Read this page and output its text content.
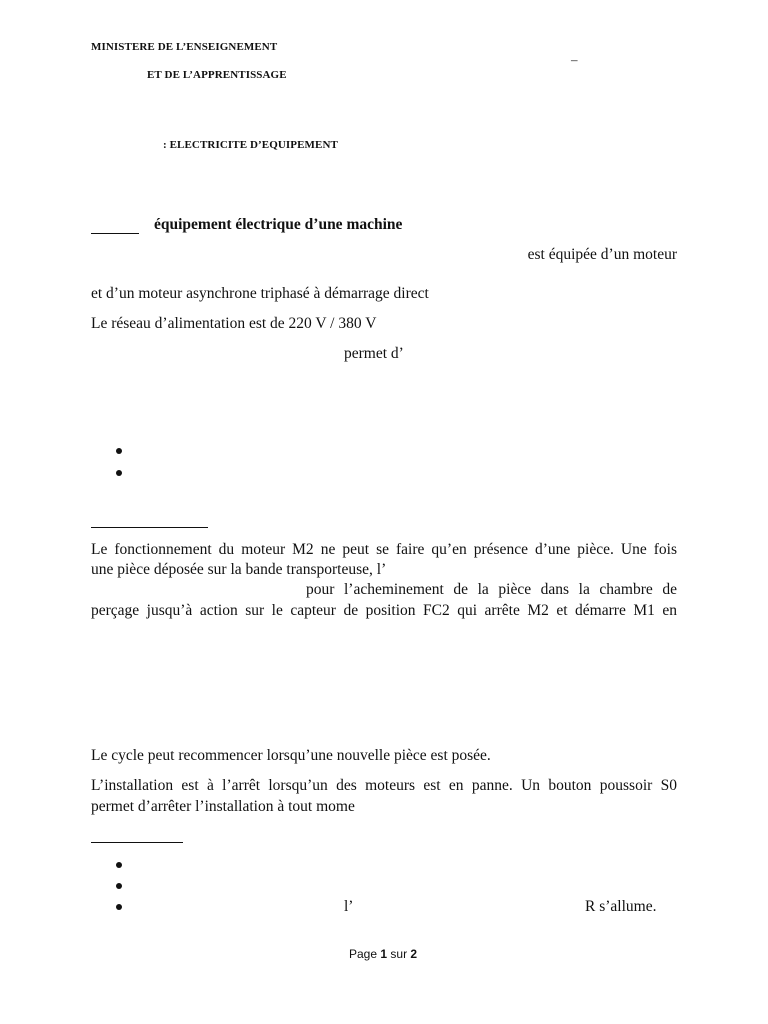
MINISTERE DE L’ENSEIGNEMENT
ET DE L’APPRENTISSAGE
–
: ELECTRICITE D’EQUIPEMENT
équipement électrique d’une machine
est équipée d’un moteur
et d’un moteur asynchrone triphasé à démarrage direct
Le réseau d’alimentation est de 220 V / 380 V
permet d’
Le fonctionnement du moteur M2 ne peut se faire qu’en présence d’une pièce. Une fois
une pièce déposée sur la bande transporteuse, l’
pour l’acheminement de la pièce dans la chambre de
perçage jusqu’à action sur le capteur de position FC2 qui arrête M2 et démarre M1 en
Le cycle peut recommencer lorsqu’une nouvelle pièce est posée.
L’installation est à l’arrêt lorsqu’un des moteurs est en panne. Un bouton poussoir S0
permet d’arrêter l’installation à tout mome
l’	R s’allume.
Page 1 sur 2
